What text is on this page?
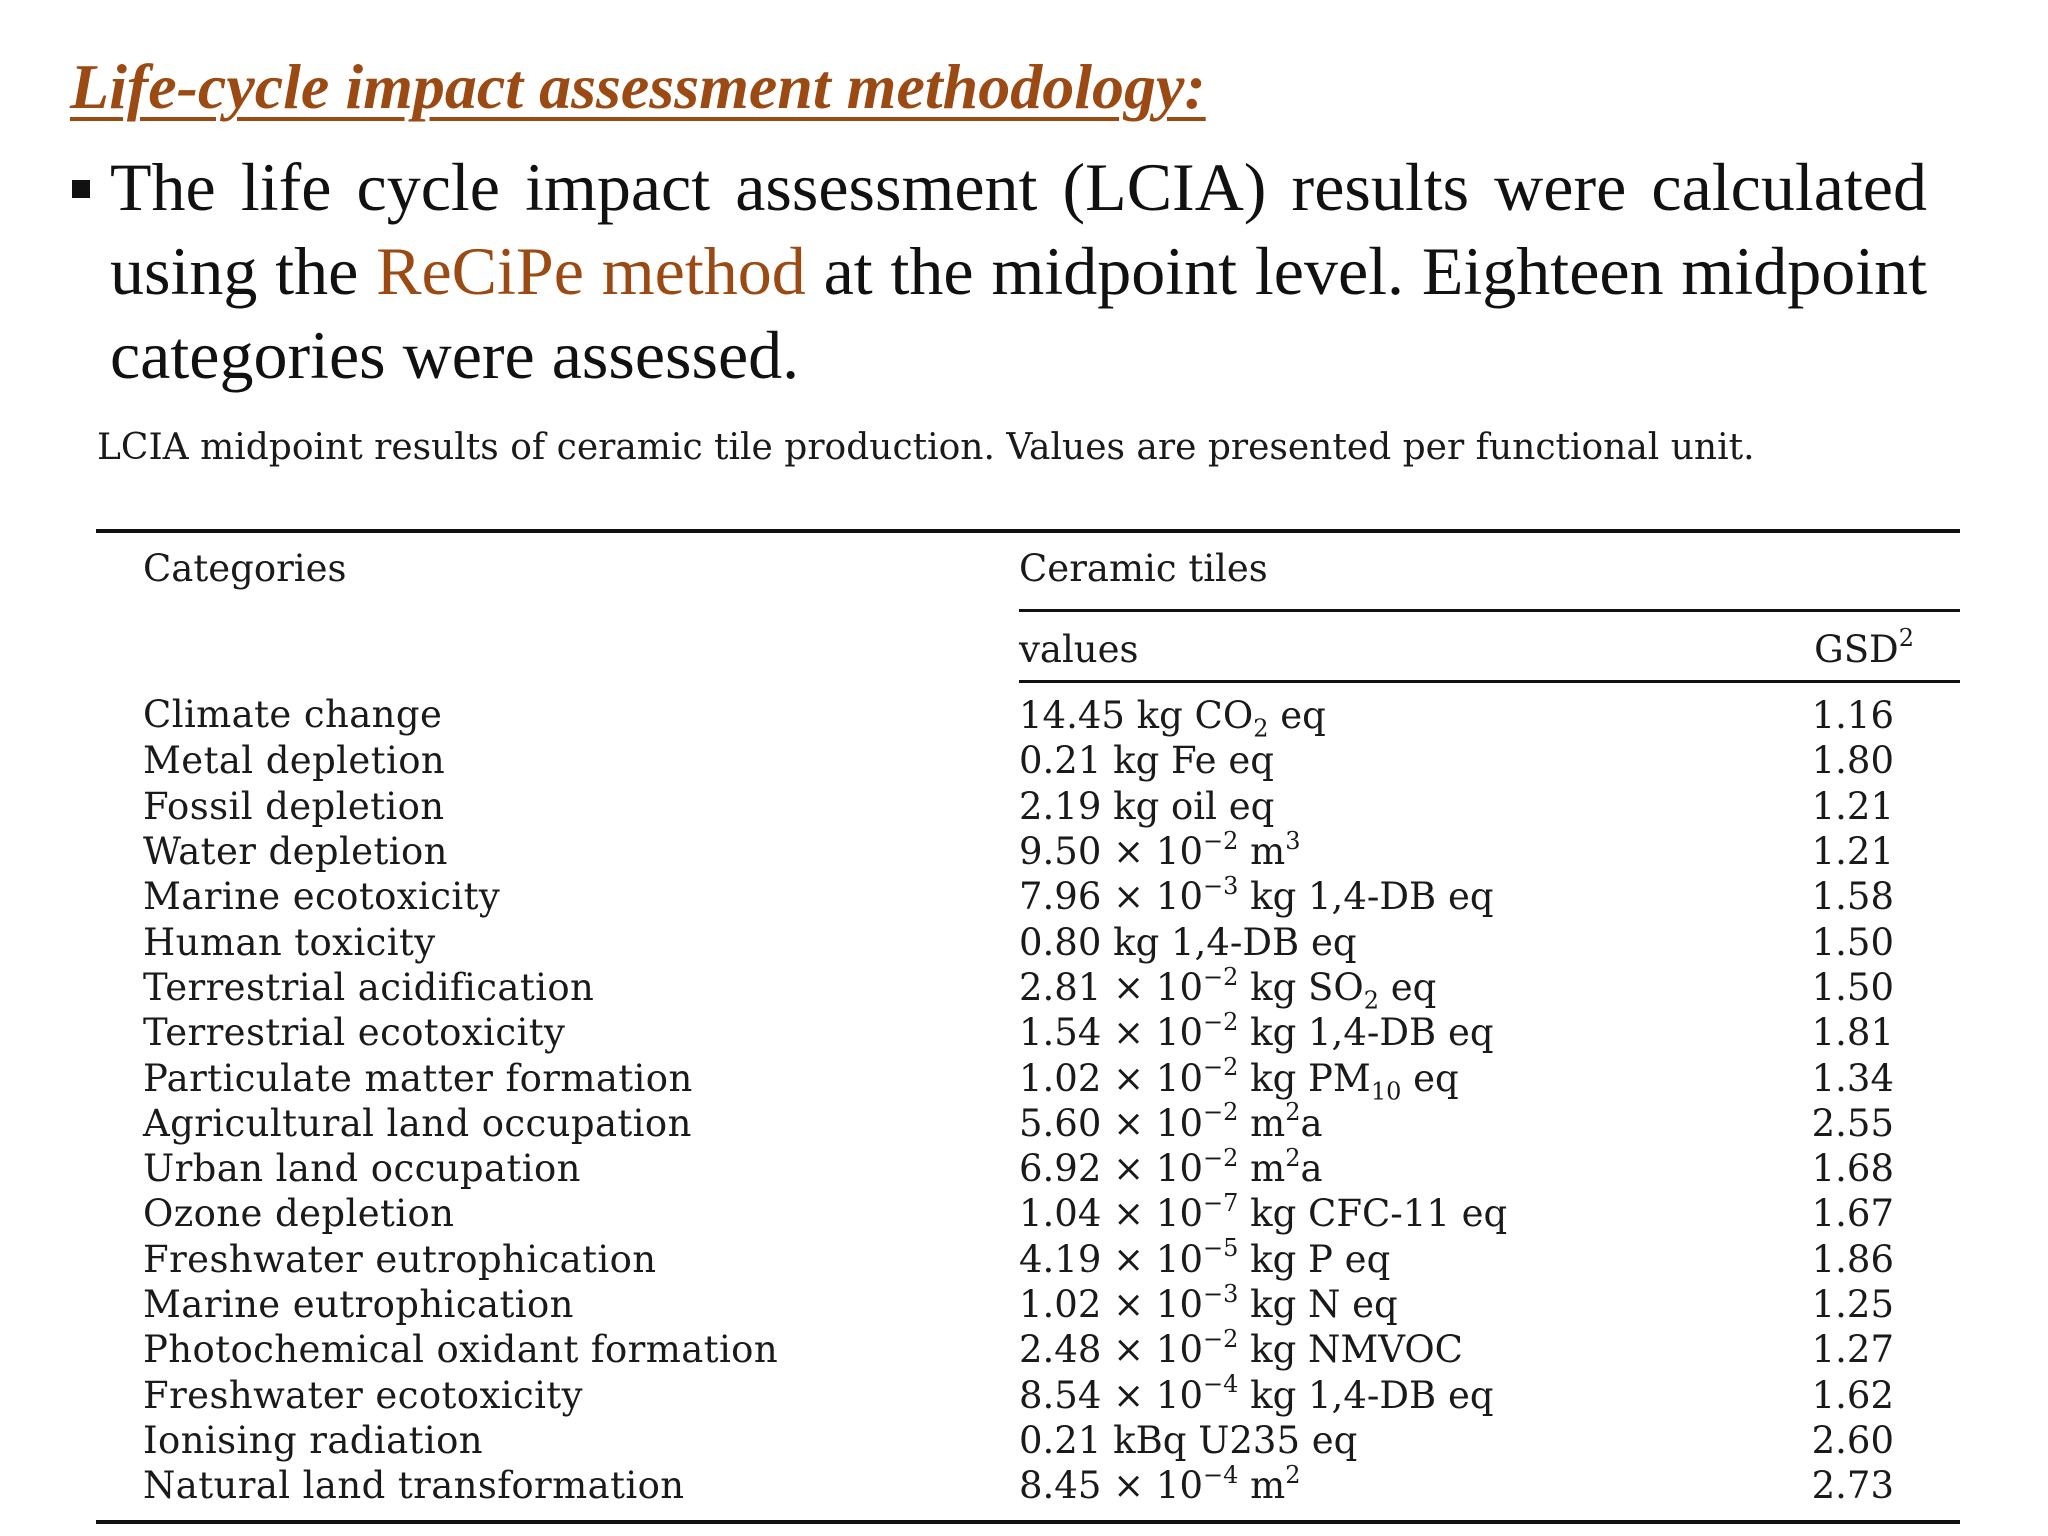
Life-cycle impact assessment methodology:

The life cycle impact assessment (LCIA) results were calculated using the ReCiPe method at the midpoint level. Eighteen midpoint categories were assessed.

LCIA midpoint results of ceramic tile production. Values are presented per functional unit.

Categories	Ceramic tiles	
	values	GSD$^2$
Climate change	14.45 kg $CO_2$ eq	1.16
Metal depletion	0.21 kg Fe eq	1.80
Fossil depletion	2.19 kg oil eq	1.21
Water depletion	$9.50 \times 10^{-2}$ $m^3$	1.21
Marine ecotoxicity	$7.96 \times 10^{-3}$ kg 1,4-DB eq	1.58
Human toxicity	0.80 kg 1,4-DB eq	1.50
Terrestrial acidification	$2.81 \times 10^{-2}$ kg $SO_2$ eq	1.50
Terrestrial ecotoxicity	$1.54 \times 10^{-2}$ kg 1,4-DB eq	1.81
Particulate matter formation	$1.02 \times 10^{-2}$ kg $PM_{10}$ eq	1.34
Agricultural land occupation	$5.60 \times 10^{-2}$ $m^2a$	2.55
Urban land occupation	$6.92 \times 10^{-2}$ $m^2a$	1.68
Ozone depletion	$1.04 \times 10^{-7}$ kg CFC-11 eq	1.67
Freshwater eutrophication	$4.19 \times 10^{-5}$ kg P eq	1.86
Marine eutrophication	$1.02 \times 10^{-3}$ kg N eq	1.25
Photochemical oxidant formation	$2.48 \times 10^{-2}$ kg NMVOC	1.27
Freshwater ecotoxicity	$8.54 \times 10^{-4}$ kg 1,4-DB eq	1.62
Ionising radiation	0.21 kBq U235 eq	2.60
Natural land transformation	$8.45 \times 10^{-4}$ $m^2$	2.73
